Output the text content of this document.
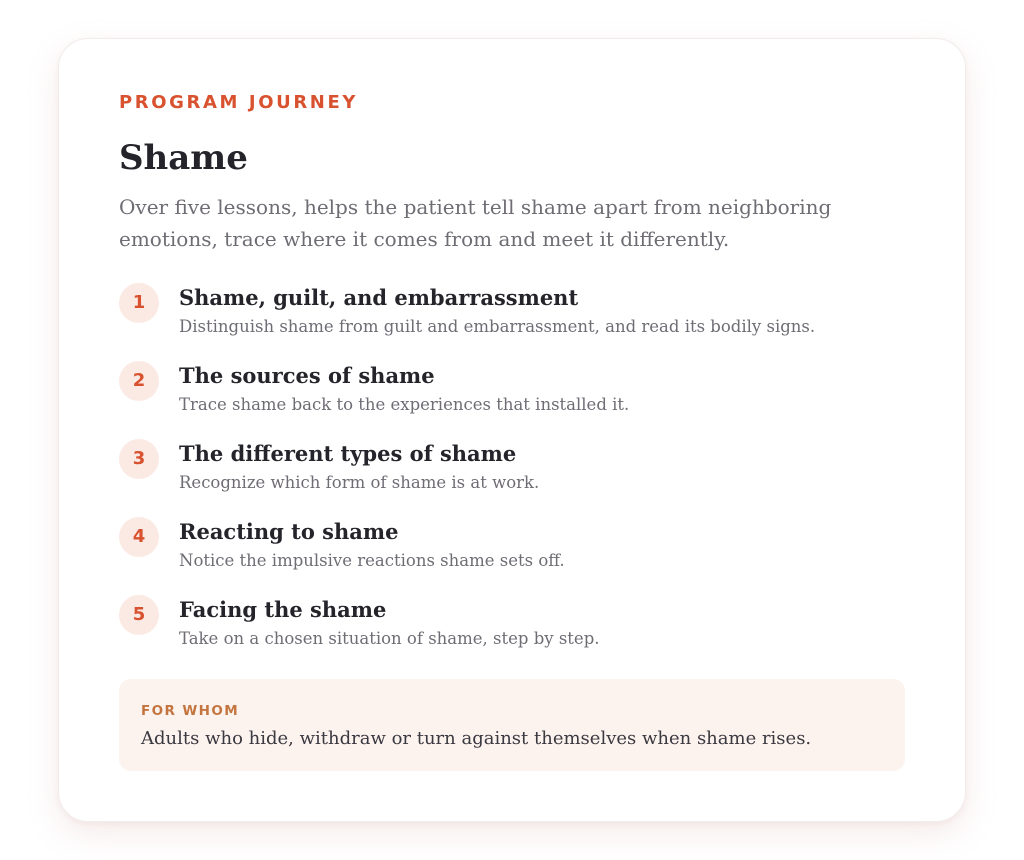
PROGRAM JOURNEY

Shame

Over five lessons, helps the patient tell shame apart from neighboring emotions, trace where it comes from and meet it differently.

1	Shame, guilt, and embarrassment

Distinguish shame from guilt and embarrassment, and read its bodily signs.

2	The sources of shame

Trace shame back to the experiences that installed it.

3	The different types of shame

Recognize which form of shame is at work.

4	Reacting to shame

Notice the impulsive reactions shame sets off.

5	Facing the shame

Take on a chosen situation of shame, step by step.

FOR WHOM

Adults who hide, withdraw or turn against themselves when shame rises.
